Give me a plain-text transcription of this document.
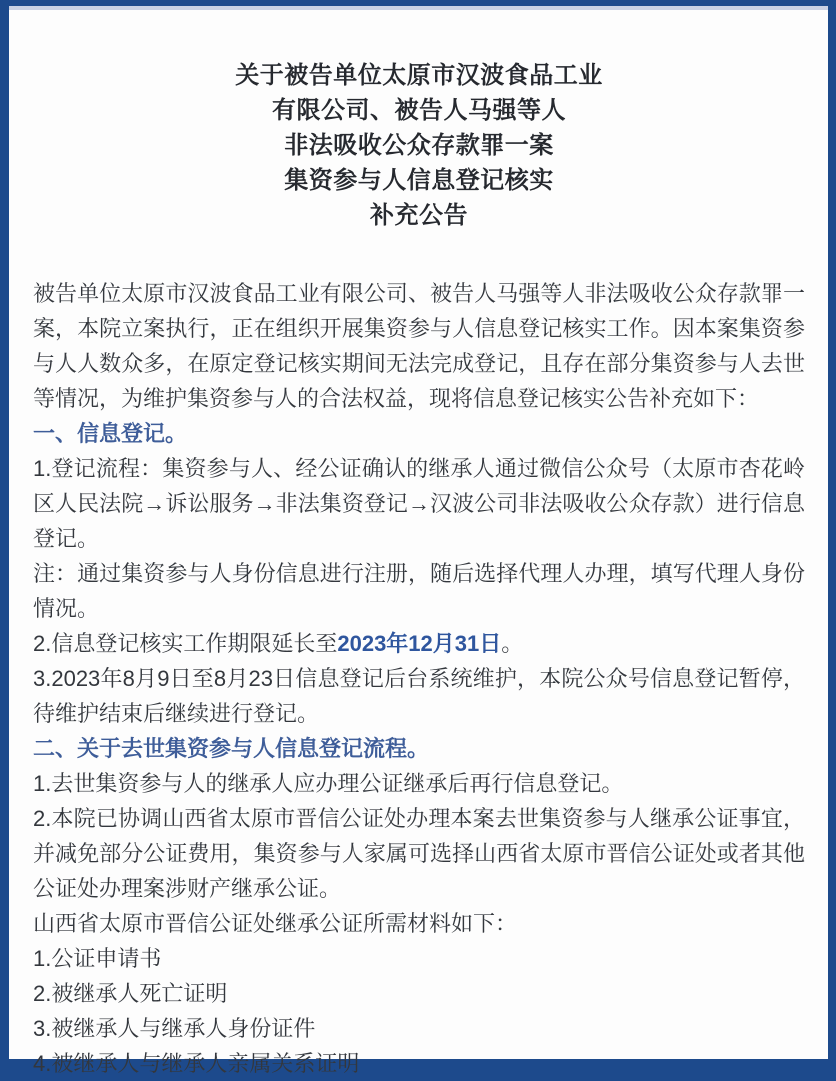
关于被告单位太原市汉波食品工业
有限公司、被告人马强等人
非法吸收公众存款罪一案
集资参与人信息登记核实
补充公告

被告单位太原市汉波食品工业有限公司、被告人马强等人非法吸收公众存款罪一案，本院立案执行，正在组织开展集资参与人信息登记核实工作。因本案集资参与人人数众多，在原定登记核实期间无法完成登记，且存在部分集资参与人去世等情况，为维护集资参与人的合法权益，现将信息登记核实公告补充如下：

一、信息登记。

1.登记流程：集资参与人、经公证确认的继承人通过微信公众号（太原市杏花岭区人民法院→诉讼服务→非法集资登记→汉波公司非法吸收公众存款）进行信息登记。

注：通过集资参与人身份信息进行注册，随后选择代理人办理，填写代理人身份情况。

2.信息登记核实工作期限延长至2023年12月31日。

3.2023年8月9日至8月23日信息登记后台系统维护，本院公众号信息登记暂停，待维护结束后继续进行登记。

二、关于去世集资参与人信息登记流程。

1.去世集资参与人的继承人应办理公证继承后再行信息登记。

2.本院已协调山西省太原市晋信公证处办理本案去世集资参与人继承公证事宜，并减免部分公证费用，集资参与人家属可选择山西省太原市晋信公证处或者其他公证处办理案涉财产继承公证。

山西省太原市晋信公证处继承公证所需材料如下：

1.公证申请书

2.被继承人死亡证明

3.被继承人与继承人身份证件

4.被继承人与继承人亲属关系证明
